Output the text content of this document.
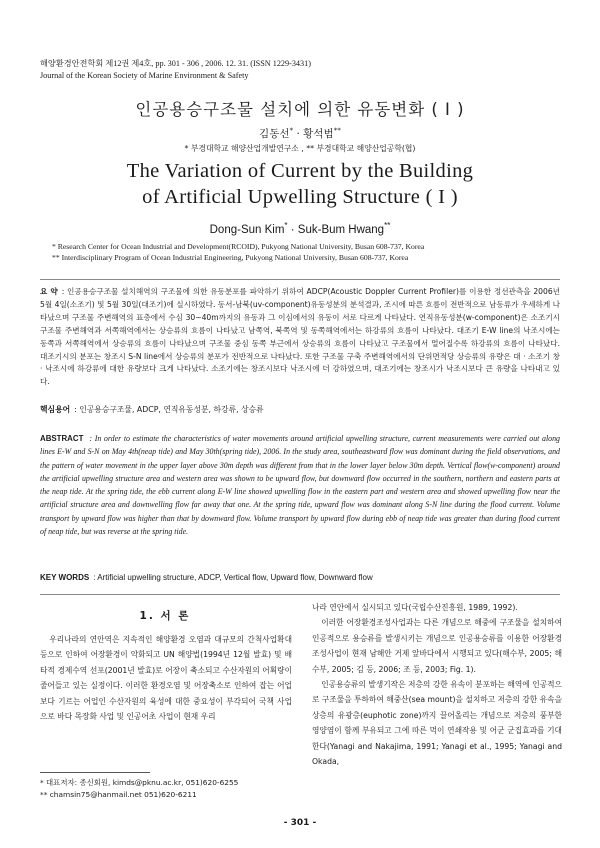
해양환경안전학회 제12권 제4호, pp. 301 - 306 , 2006. 12. 31. (ISSN 1229-3431)
Journal of the Korean Society of Marine Environment & Safety
인공용승구조물 설치에 의한 유동변화 ( I )
김동선* · 황석범**
* 부경대학교 해양산업개발연구소 , ** 부경대학교 해양산업공학(협)
The Variation of Current by the Building
of Artificial Upwelling Structure ( I )
Dong-Sun Kim* · Suk-Bum Hwang**
* Research Center for Ocean Industrial and Development(RCOID), Pukyong National University, Busan 608-737, Korea
** Interdisciplinary Program of Ocean Industrial Engineering, Pukyong National University, Busan 608-737, Korea
요 약 : 인공용승구조물 설치해역의 구조물에 의한 유동분포를 파악하기 위하여 ADCP(Acoustic Doppler Current Profiler)를 이용한 정선관측을 2006년 5월 4일(소조기) 및 5월 30일(대조기)에 실시하였다. 동서-남북(uv-component)유동성분의 분석결과, 조시에 따른 흐름이 전반적으로 남동류가 우세하게 나타났으며 구조물 주변해역의 표층에서 수심 30~40m까지의 유동과 그 이심에서의 유동이 서로 다르게 나타났다. 연직유동성분(w-component)은 소조기시 구조물 주변해역과 서쪽해역에서는 상승류의 흐름이 나타났고 남쪽역, 북쪽역 및 동쪽해역에서는 하강류의 흐름이 나타났다. 대조기 E-W line의 낙조시에는 동쪽과 서쪽해역에서 상승류의 흐름이 나타났으며 구조물 중심 동쪽 부근에서 상승류의 흐름이 나타났고 구조물에서 멀어질수록 하강류의 흐름이 나타났다. 대조기시의 분포는 창조시 S-N line에서 상승류의 분포가 전반적으로 나타났다. 또한 구조물 구축 주변해역에서의 단위면적당 상승류의 유량은 대 · 소조기 창 · 낙조시에 하강류에 대한 유량보다 크게 나타났다. 소조기에는 창조시보다 낙조시에 더 강하였으며, 대조기에는 창조시가 낙조시보다 큰 유량을 나타내고 있다.
핵심용어 : 인공용승구조물, ADCP, 연직유동성분, 하강류, 상승류
ABSTRACT : In order to estimate the characteristics of water movements around artificial upwelling structure, current measurements were carried out along lines E-W and S-N on May 4th(neap tide) and May 30th(spring tide), 2006. In the study area, southeastward flow was dominant during the field observations, and the pattern of water movement in the upper layer above 30m depth was different from that in the lower layer below 30m depth. Vertical flow(w-component) around the artificial upwelling structure area and western area was shown to be upward flow, but downward flow occurred in the southern, northern and eastern parts at the neap tide. At the spring tide, the ebb current along E-W line showed upwelling flow in the eastern part and western area and showed upwelling flow near the artificial structure area and downwelling flow far away that one. At the spring tide, upward flow was dominant along S-N line during the flood current. Volume transport by upward flow was higher than that by downward flow. Volume transport by upward flow during ebb of neap tide was greater than during flood current of neap tide, but was reverse at the spring tide.
KEY WORDS : Artificial upwelling structure, ADCP, Vertical flow, Upward flow, Downward flow
1. 서 론

우리나라의 연안역은 지속적인 해양환경 오염과 대규모의 간척사업확대 등으로 인하여 어장환경이 악화되고 UN 해양법(1994년 12월 발효) 및 배타적 경제수역 선포(2001년 발효)로 어장이 축소되고 수산자원의 어획량이 줄어들고 있는 실정이다. 이러한 환경오염 및 어장축소로 인하여 잡는 어업보다 기르는 어업인 수산자원의 육성에 대한 중요성이 부각되어 국책 사업으로 바다 목장화 사업 및 인공어초 사업이 현재 우리

나라 연안에서 실시되고 있다(국립수산진흥원, 1989, 1992).

이러한 어장환경조성사업과는 다른 개념으로 해중에 구조물을 설치하여 인공적으로 용승류를 발생시키는 개념으로 인공용승류를 이용한 어장환경조성사업이 현재 남해안 거제 앞바다에서 시행되고 있다(해수부, 2005; 해수부, 2005; 김 등, 2006; 조 등, 2003; Fig. 1).

인공용승류의 발생기작은 저층의 강한 유속이 분포하는 해역에 인공적으로 구조물을 투하하여 해중산(sea mount)을 설치하고 저층의 강한 유속을 상층의 유광층(euphotic zone)까지 끌어올리는 개념으로 저층의 풍부한 영양염이 함께 부유되고 그에 따른 먹이 연쇄작용 및 어군 군집효과를 기대한다(Yanagi and Nakajima, 1991; Yanagi et al., 1995; Yanagi and Okada,

* 대표저자: 종신회원, kimds@pknu.ac.kr, 051)620-6255
** chamsin75@hanmail.net 051)620-6211
- 301 -
